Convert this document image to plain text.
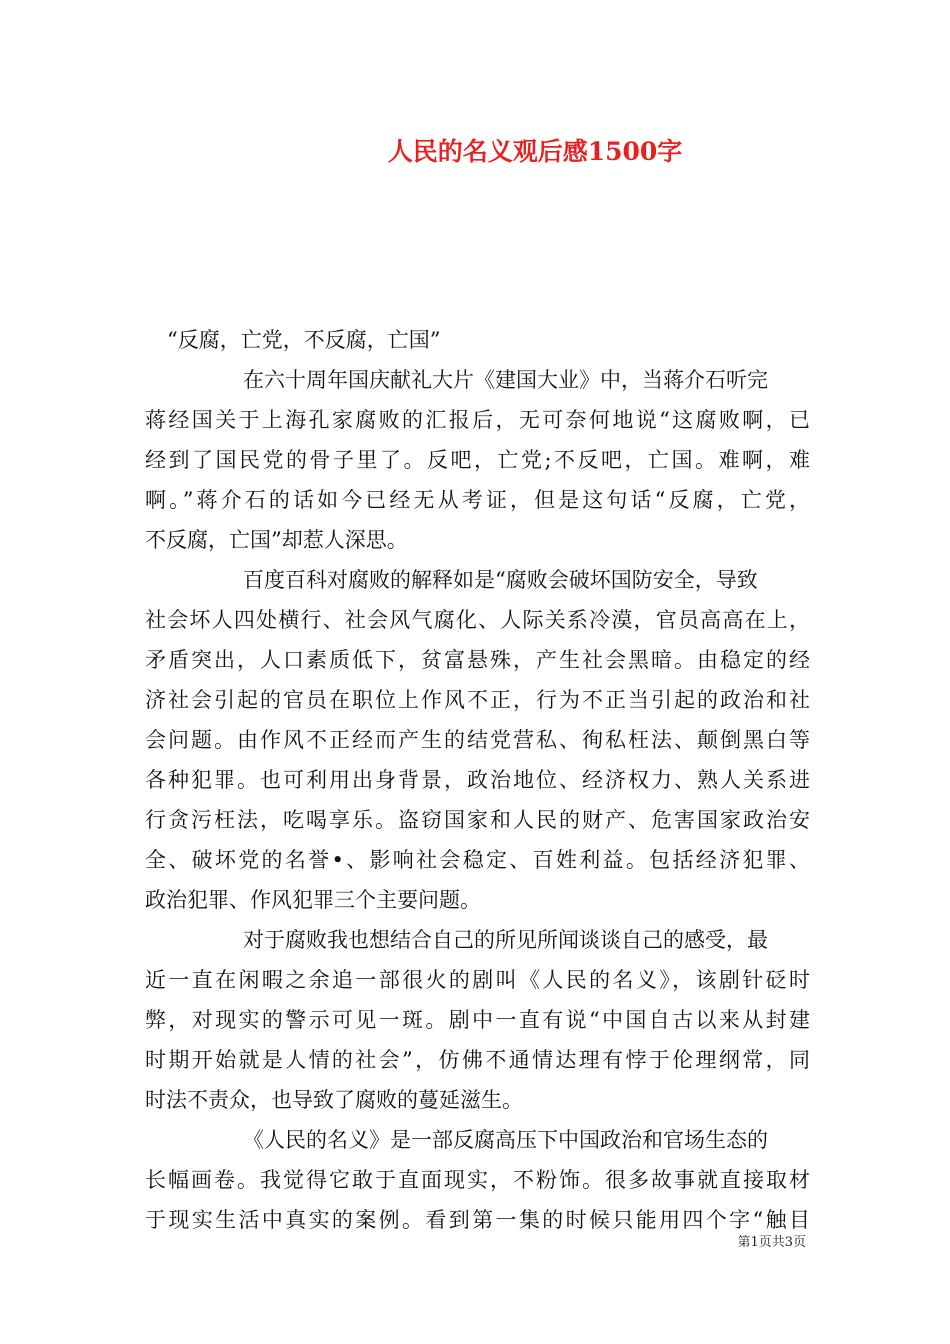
人民的名义观后感1500字
“反腐，亡党，不反腐，亡国”
在六十周年国庆献礼大片《建国大业》中，当蒋介石听完
蒋经国关于上海孔家腐败的汇报后，无可奈何地说“这腐败啊，已
经到了国民党的骨子里了。反吧，亡党;不反吧，亡国。难啊，难
啊。”蒋介石的话如今已经无从考证，但是这句话“反腐，亡党，
不反腐，亡国”却惹人深思。
百度百科对腐败的解释如是“腐败会破坏国防安全，导致
社会坏人四处横行、社会风气腐化、人际关系冷漠，官员高高在上，
矛盾突出，人口素质低下，贫富悬殊，产生社会黑暗。由稳定的经
济社会引起的官员在职位上作风不正，行为不正当引起的政治和社
会问题。由作风不正经而产生的结党营私、徇私枉法、颠倒黑白等
各种犯罪。也可利用出身背景，政治地位、经济权力、熟人关系进
行贪污枉法，吃喝享乐。盗窃国家和人民的财产、危害国家政治安
全、破坏党的名誉•、影响社会稳定、百姓利益。包括经济犯罪、
政治犯罪、作风犯罪三个主要问题。
对于腐败我也想结合自己的所见所闻谈谈自己的感受，最
近一直在闲暇之余追一部很火的剧叫《人民的名义》，该剧针砭时
弊，对现实的警示可见一斑。剧中一直有说“中国自古以来从封建
时期开始就是人情的社会”，仿佛不通情达理有悖于伦理纲常，同
时法不责众，也导致了腐败的蔓延滋生。
《人民的名义》是一部反腐高压下中国政治和官场生态的
长幅画卷。我觉得它敢于直面现实，不粉饰。很多故事就直接取材
于现实生活中真实的案例。看到第一集的时候只能用四个字“触目
第1页共3页
